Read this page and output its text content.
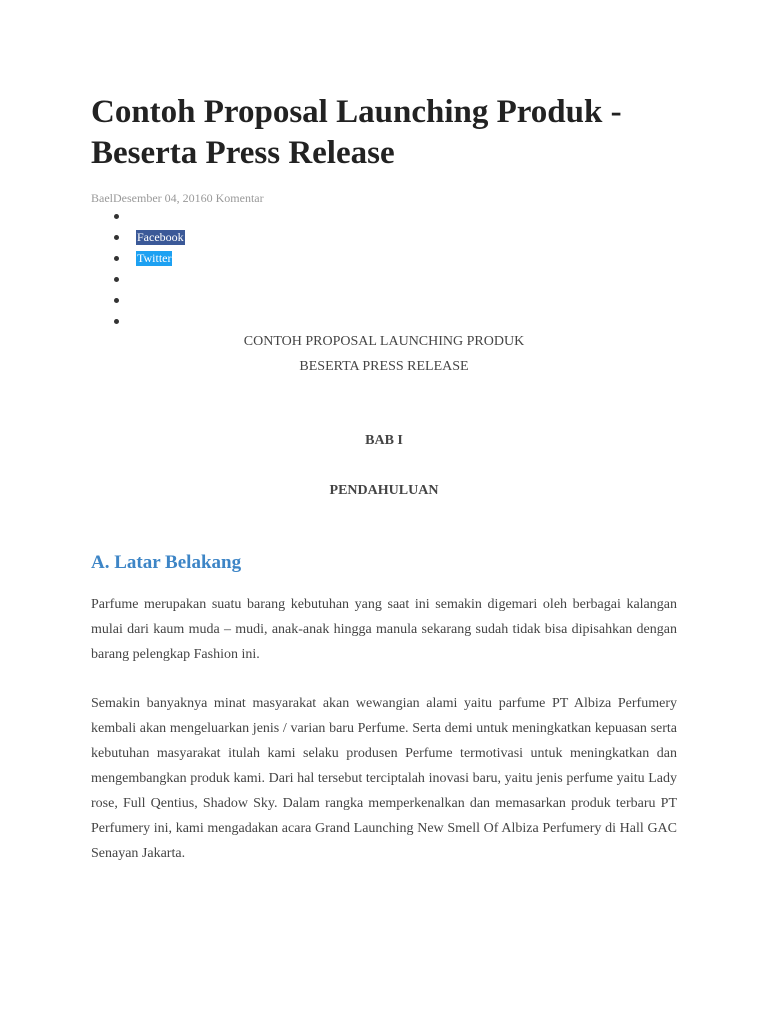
Contoh Proposal Launching Produk - Beserta Press Release
BaelDesember 04, 20160 Komentar
Facebook
Twitter
CONTOH PROPOSAL LAUNCHING PRODUK
BESERTA PRESS RELEASE
BAB I
PENDAHULUAN
A. Latar Belakang

Parfume merupakan suatu barang kebutuhan yang saat ini semakin digemari oleh berbagai kalangan mulai dari kaum muda – mudi, anak-anak hingga manula sekarang sudah tidak bisa dipisahkan dengan barang pelengkap Fashion ini.

Semakin banyaknya minat masyarakat akan wewangian alami yaitu parfume PT Albiza Perfumery kembali akan mengeluarkan jenis / varian baru Perfume. Serta demi untuk meningkatkan kepuasan serta kebutuhan masyarakat itulah kami selaku produsen Perfume termotivasi untuk meningkatkan dan mengembangkan produk kami. Dari hal tersebut terciptalah inovasi baru, yaitu jenis perfume yaitu Lady rose, Full Qentius, Shadow Sky. Dalam rangka memperkenalkan dan memasarkan produk terbaru PT Perfumery ini, kami mengadakan acara Grand Launching New Smell Of Albiza Perfumery di Hall GAC Senayan Jakarta.
